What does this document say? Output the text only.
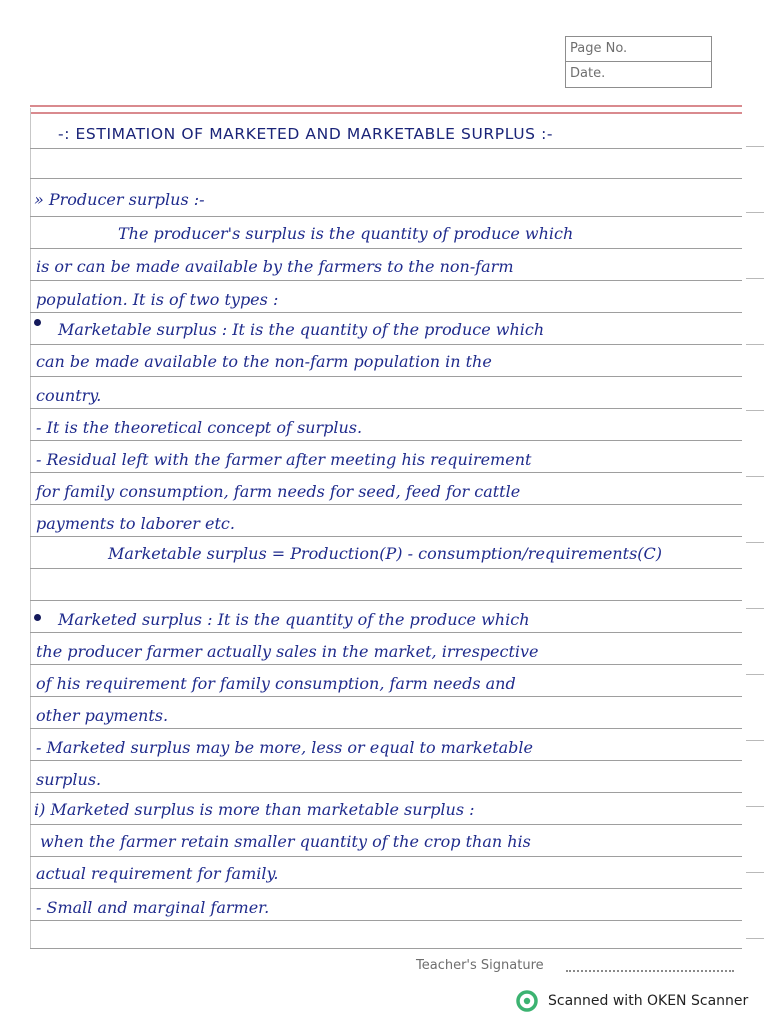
Page No.
Date.
-: ESTIMATION OF MARKETED AND MARKETABLE SURPLUS :-
» Producer surplus :-
The producer's surplus is the quantity of produce which
is or can be made available by the farmers to the non-farm
population. It is of two types :
Marketable surplus : It is the quantity of the produce which
can be made available to the non-farm population in the
country.
- It is the theoretical concept of surplus.
- Residual left with the farmer after meeting his requirement
for family consumption, farm needs for seed, feed for cattle
payments to laborer etc.
Marketable surplus = Production(P) - consumption/requirements(C)
Marketed surplus : It is the quantity of the produce which
the producer farmer actually sales in the market, irrespective
of his requirement for family consumption, farm needs and
other payments.
- Marketed surplus may be more, less or equal to marketable
surplus.
i) Marketed surplus is more than marketable surplus :
when the farmer retain smaller quantity of the crop than his
actual requirement for family.
- Small and marginal farmer.
Teacher's Signature
Scanned with OKEN Scanner
